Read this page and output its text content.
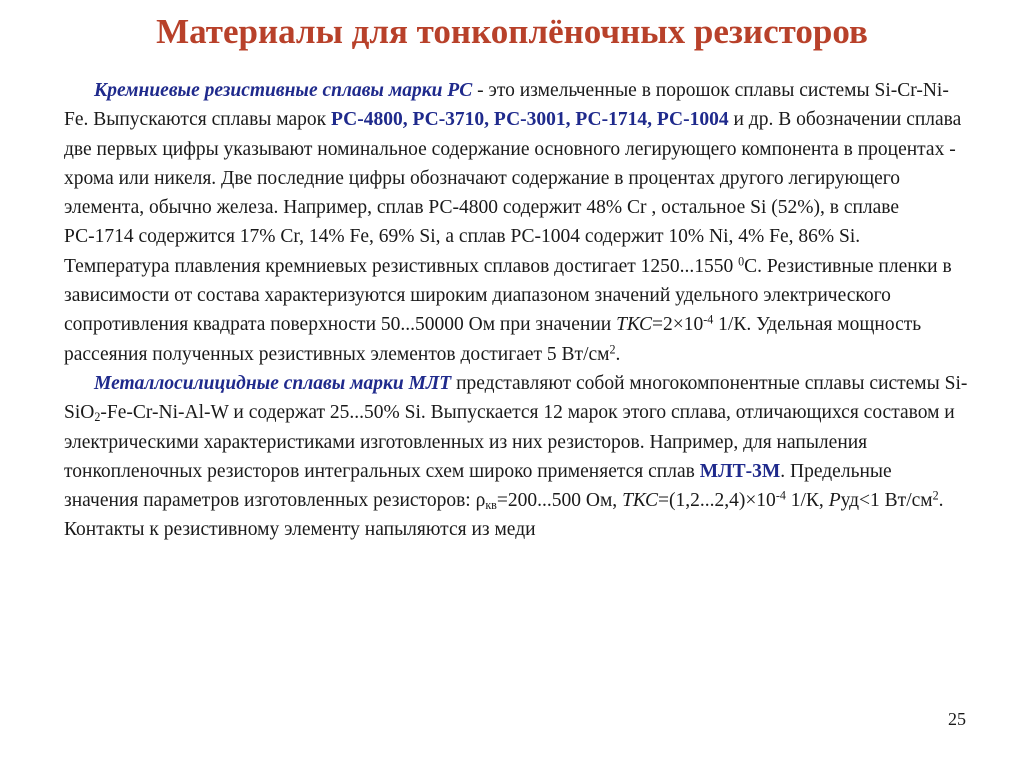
Материалы для тонкоплёночных резисторов

Кремниевые резистивные сплавы марки РС - это измельченные в порошок сплавы системы Si-Cr-Ni-Fe. Выпускаются сплавы марок РС-4800, РС-3710, РС-3001, РС-1714, РС-1004 и др. В обозначении сплава две первых цифры указывают номинальное содержание основного легирующего компонента в процентах - хрома или никеля. Две последние цифры обозначают содержание в процентах другого легирующего элемента, обычно железа. Например, сплав РС-4800 содержит 48% Cr , остальное Si (52%), в сплаве РС-1714 содержится 17% Cr, 14% Fe, 69% Si, а сплав РС-1004 содержит 10% Ni, 4% Fe, 86% Si. Температура плавления кремниевых резистивных сплавов достигает 1250...1550 $^0$С. Резистивные пленки в зависимости от состава характеризуются широким диапазоном значений удельного электрического сопротивления квадрата поверхности 50...50000 Ом при значении $ТКС=2\times 10^{-4}$ 1/К. Удельная мощность рассеяния полученных резистивных элементов достигает 5 $Вт/см^2$.

Металлосилицидные сплавы марки МЛТ представляют собой многокомпонентные сплавы системы Si-SiO$_2$-Fe-Cr-Ni-Al-W и содержат 25...50% Si. Выпускается 12 марок этого сплава, отличающихся составом и электрическими характеристиками изготовленных из них резисторов. Например, для напыления тонкопленочных резисторов интегральных схем широко применяется сплав МЛТ-3М. Предельные значения параметров изготовленных резисторов: $\rho_{кв}=200...500$ Ом, $ТКС=(1,2...2,4)\times 10^{-4}$ 1/К, Руд<1 $Вт/см^2$. Контакты к резистивному элементу напыляются из меди

25
